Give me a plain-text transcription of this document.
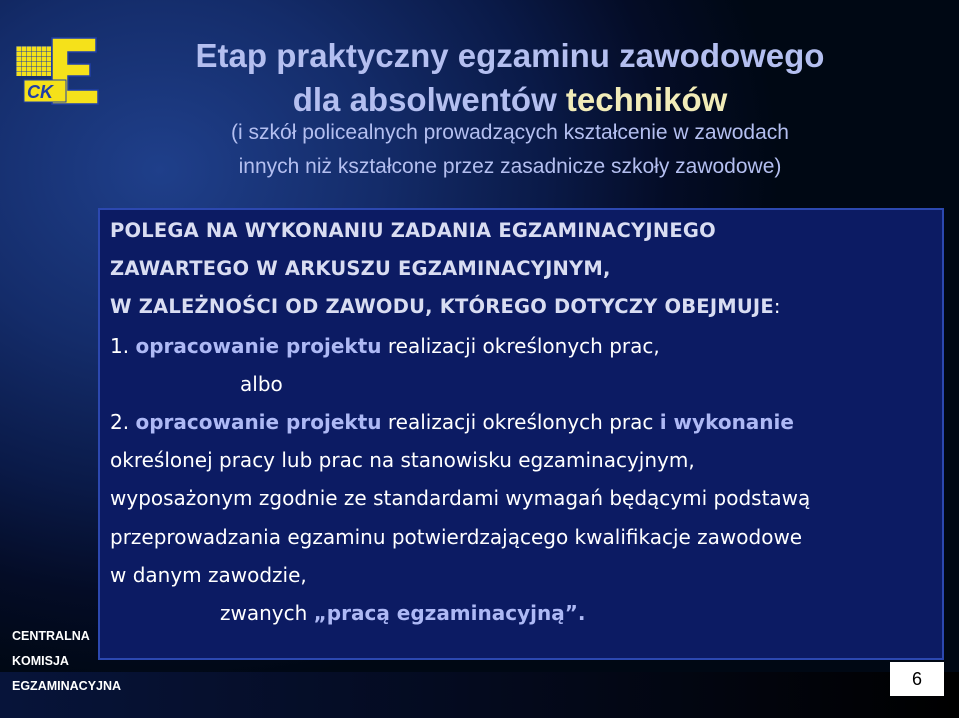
CK

Etap praktyczny egzaminu zawodowego
dla absolwentów techników

(i szkół policealnych prowadzących kształcenie w zawodach
innych niż kształcone przez zasadnicze szkoły zawodowe)

POLEGA NA WYKONANIU ZADANIA EGZAMINACYJNEGO
ZAWARTEGO W ARKUSZU EGZAMINACYJNYM,
W ZALEŻNOŚCI OD ZAWODU, KTÓREGO DOTYCZY OBEJMUJE:
1. opracowanie projektu realizacji określonych prac,
albo
2. opracowanie projektu realizacji określonych prac i wykonanie
określonej pracy lub prac na stanowisku egzaminacyjnym,
wyposażonym zgodnie ze standardami wymagań będącymi podstawą
przeprowadzania egzaminu potwierdzającego kwalifikacje zawodowe
w danym zawodzie,
zwanych „pracą egzaminacyjną”.
CENTRALNA
KOMISJA
EGZAMINACYJNA	6
